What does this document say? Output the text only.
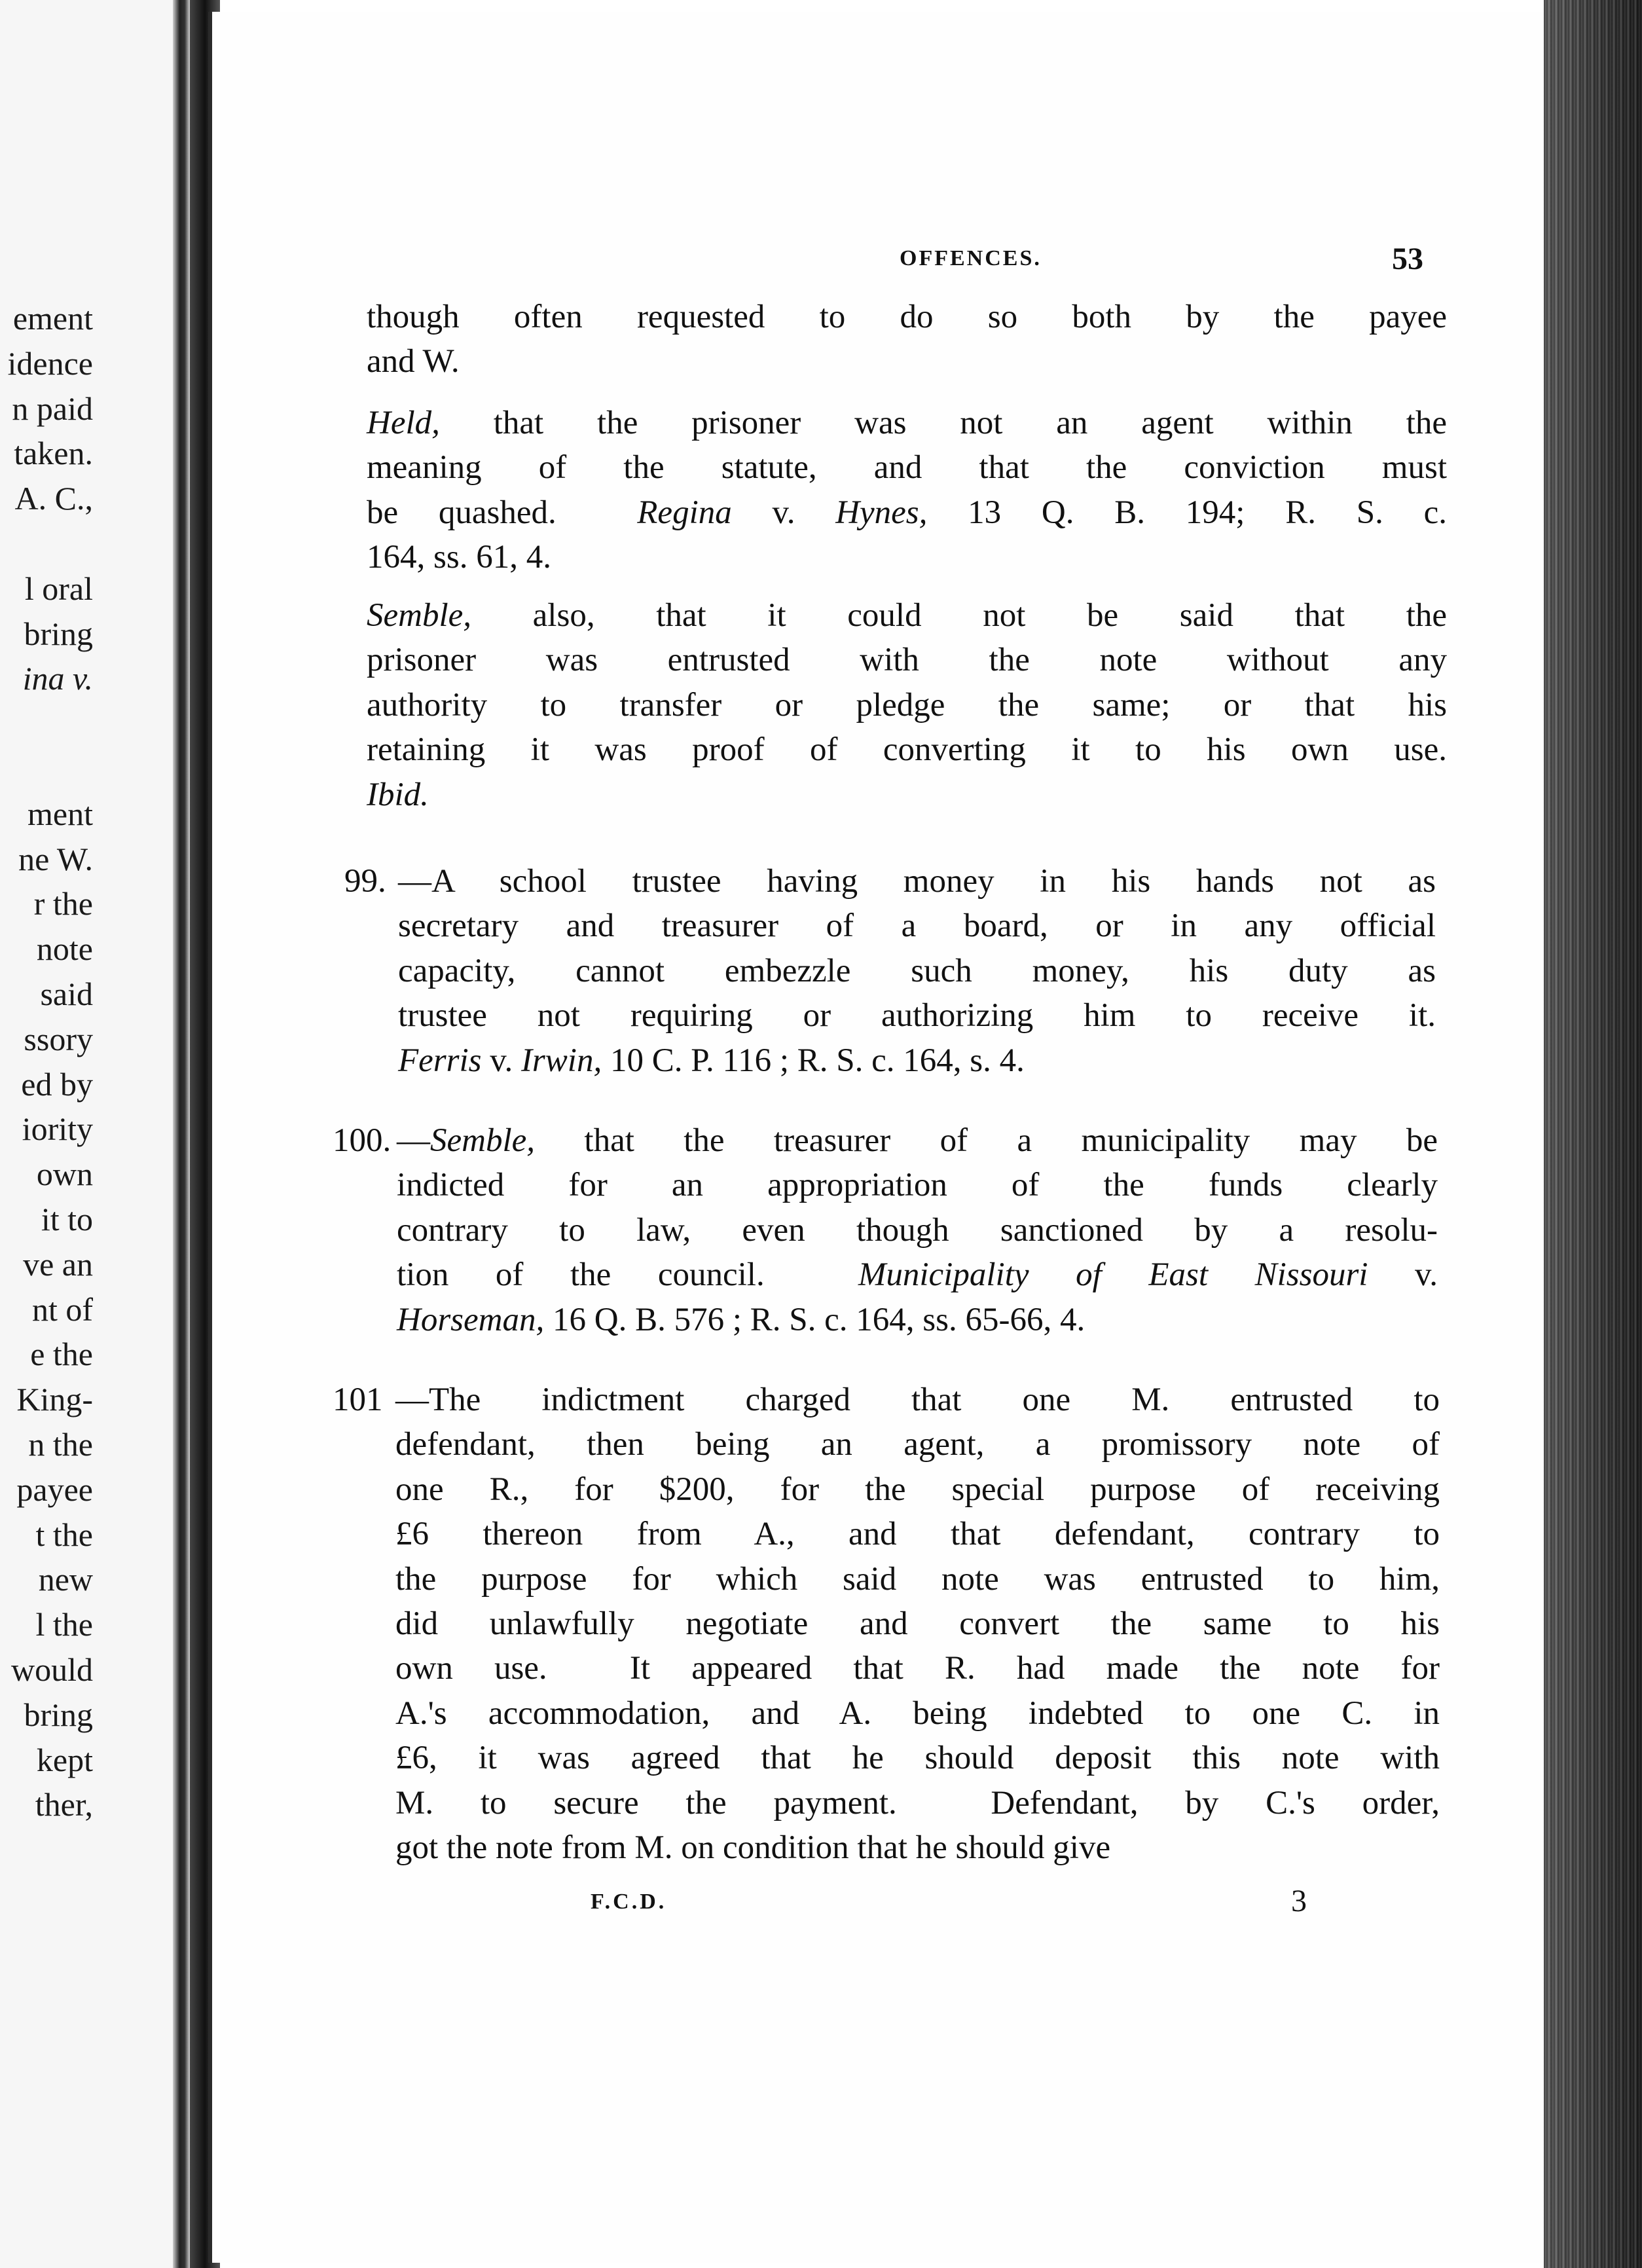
ement
idence
n paid
taken.
A. C.,
l oral
bring
ina v.
ment
ne W.
r the
note
said
ssory
ed by
iority
own
it to
ve an
nt of
e the
King-
n the
payee
t the
new
l the
would
bring
kept
ther,
OFFENCES.	53
though often requested to do so both by the payee
and W.
Held, that the prisoner was not an agent within the
meaning of the statute, and that the conviction must
be quashed.  Regina v. Hynes, 13 Q. B. 194; R. S. c.
164, ss. 61, 4.
Semble, also, that it could not be said that the
prisoner was entrusted with the note without any
authority to transfer or pledge the same; or that his
retaining it was proof of converting it to his own use.
Ibid.
99. —A school trustee having money in his hands not as
secretary and treasurer of a board, or in any official
capacity, cannot embezzle such money, his duty as
trustee not requiring or authorizing him to receive it.
Ferris v. Irwin, 10 C. P. 116 ; R. S. c. 164, s. 4.
100. —Semble, that the treasurer of a municipality may be
indicted for an appropriation of the funds clearly
contrary to law, even though sanctioned by a resolu-
tion of the council.  Municipality of East Nissouri v.
Horseman, 16 Q. B. 576 ; R. S. c. 164, ss. 65-66, 4.
101 —The indictment charged that one M. entrusted to
defendant, then being an agent, a promissory note of
one R., for $200, for the special purpose of receiving
£6 thereon from A., and that defendant, contrary to
the purpose for which said note was entrusted to him,
did unlawfully negotiate and convert the same to his
own use.  It appeared that R. had made the note for
A.'s accommodation, and A. being indebted to one C. in
£6, it was agreed that he should deposit this note with
M. to secure the payment.  Defendant, by C.'s order,
got the note from M. on condition that he should give
F.C.D.	3
